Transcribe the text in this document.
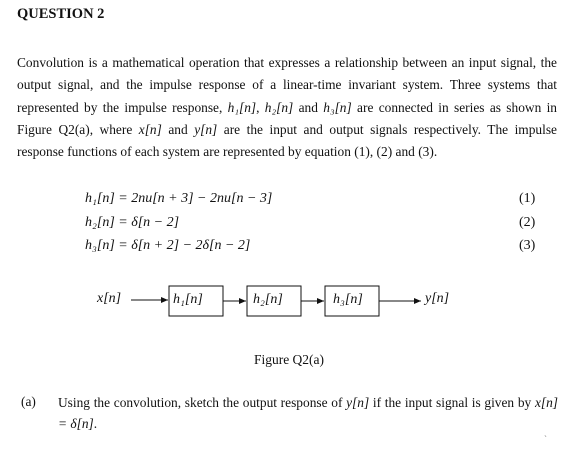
QUESTION 2
Convolution is a mathematical operation that expresses a relationship between an input signal, the output signal, and the impulse response of a linear-time invariant system. Three systems that represented by the impulse response, h₁[n], h₂[n] and h₃[n] are connected in series as shown in Figure Q2(a), where x[n] and y[n] are the input and output signals respectively. The impulse response functions of each system are represented by equation (1), (2) and (3).
h₁[n] = 2nu[n + 3] − 2nu[n − 3]	(1)
h₂[n] = δ[n − 2]	(2)
h₃[n] = δ[n + 2] − 2δ[n − 2]	(3)
x[n]	h₁[n]	h₂[n]	h₃[n]	y[n]
Figure Q2(a)
(a) Using the convolution, sketch the output response of y[n] if the input signal is given by x[n] = δ[n].
`
